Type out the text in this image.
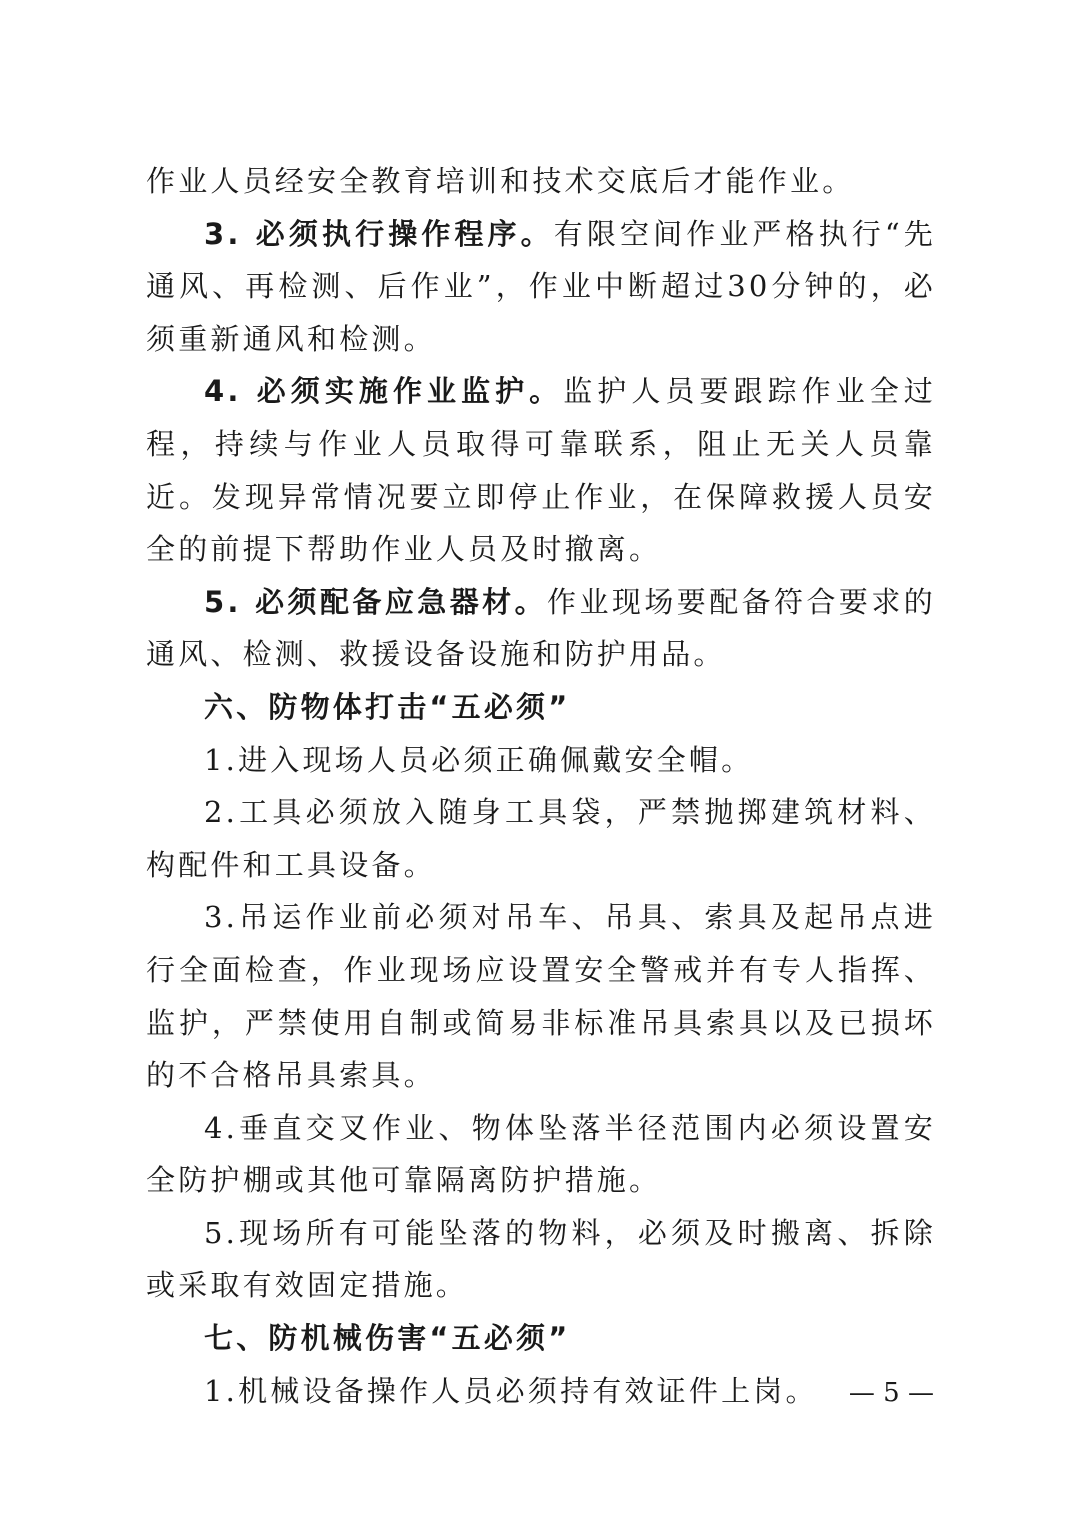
作业人员经安全教育培训和技术交底后才能作业。

3. 必须执行操作程序。有限空间作业严格执行“先通风、再检测、后作业”，作业中断超过30分钟的，必须重新通风和检测。

4. 必须实施作业监护。监护人员要跟踪作业全过程，持续与作业人员取得可靠联系，阻止无关人员靠近。发现异常情况要立即停止作业，在保障救援人员安全的前提下帮助作业人员及时撤离。

5. 必须配备应急器材。作业现场要配备符合要求的通风、检测、救援设备设施和防护用品。

六、防物体打击“五必须”

1.进入现场人员必须正确佩戴安全帽。

2.工具必须放入随身工具袋，严禁抛掷建筑材料、构配件和工具设备。

3.吊运作业前必须对吊车、吊具、索具及起吊点进行全面检查，作业现场应设置安全警戒并有专人指挥、监护，严禁使用自制或简易非标准吊具索具以及已损坏的不合格吊具索具。

4.垂直交叉作业、物体坠落半径范围内必须设置安全防护棚或其他可靠隔离防护措施。

5.现场所有可能坠落的物料，必须及时搬离、拆除或采取有效固定措施。

七、防机械伤害“五必须”

1.机械设备操作人员必须持有效证件上岗。	— 5 —
